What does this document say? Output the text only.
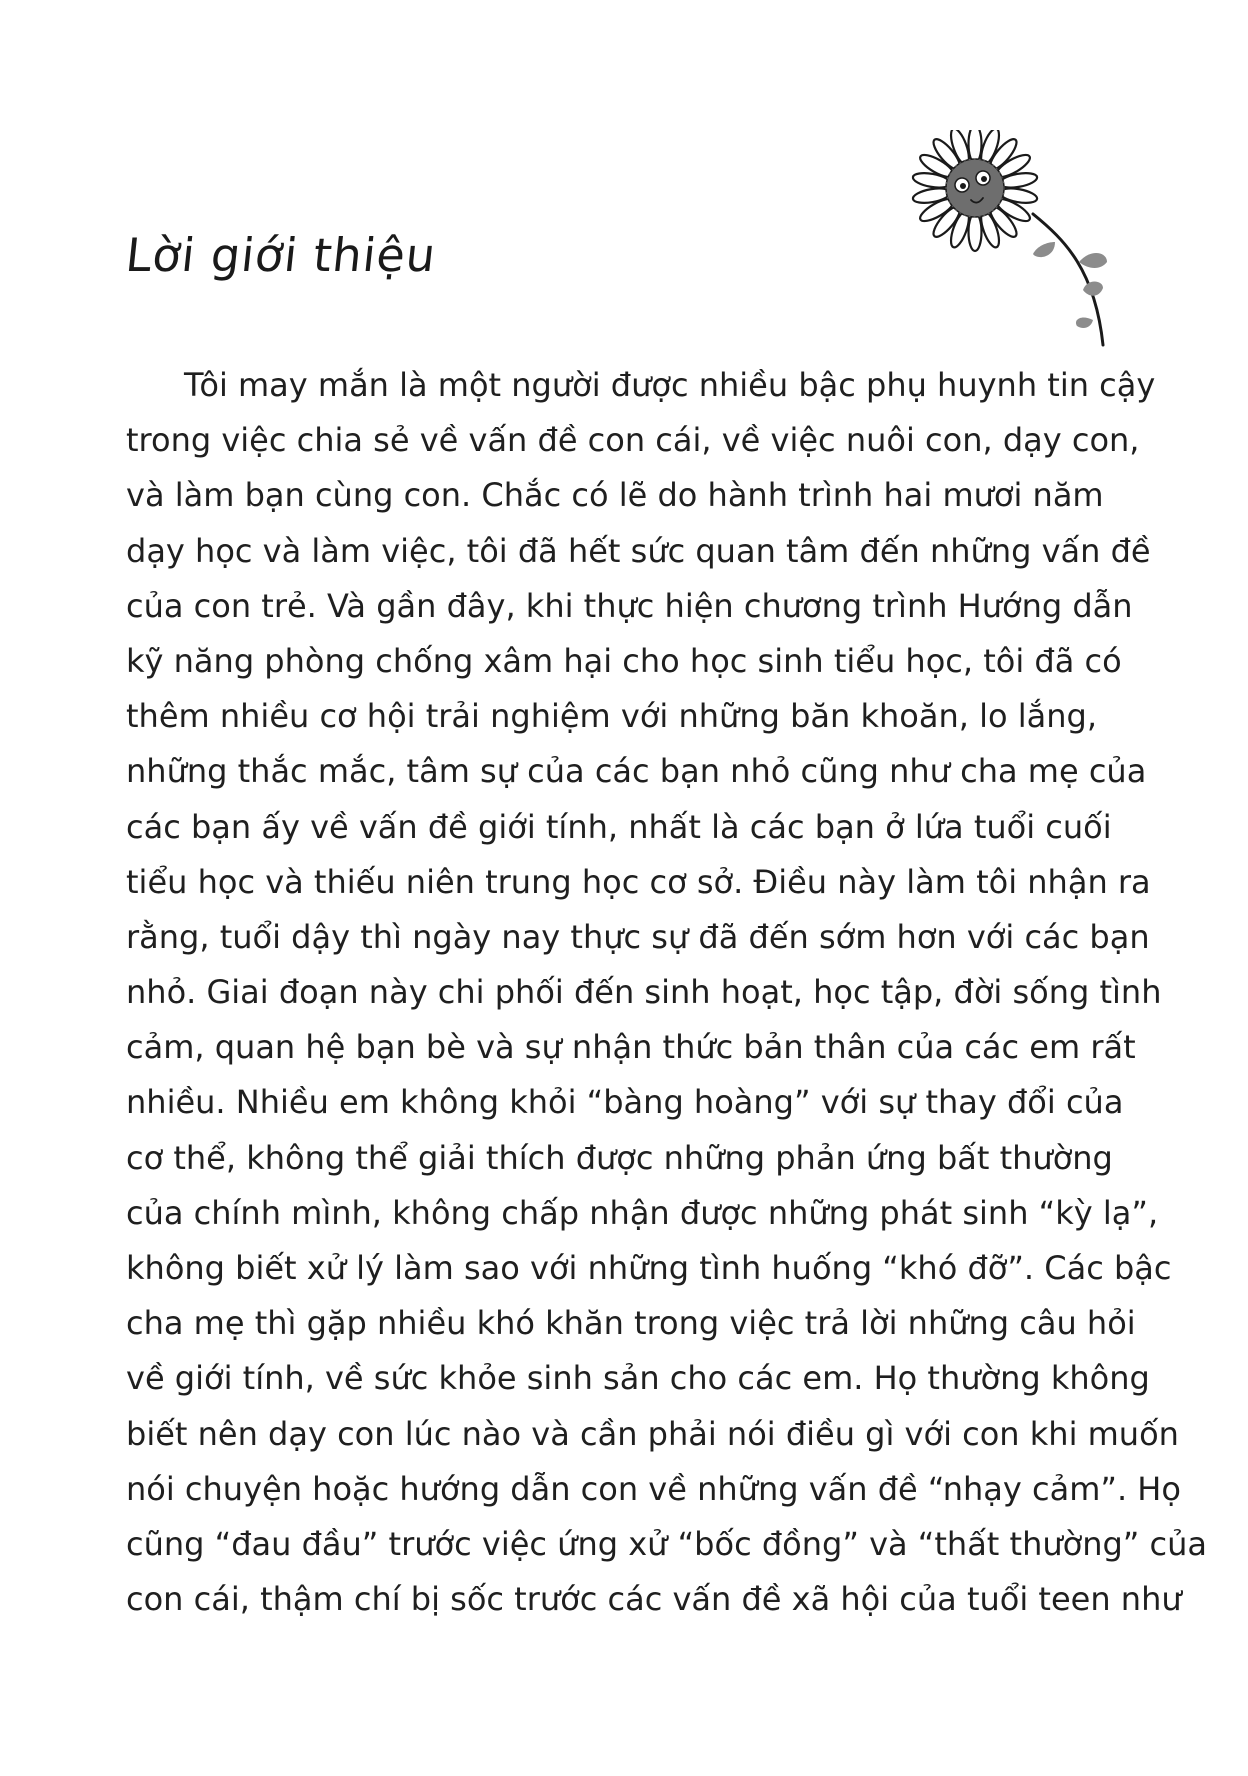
Lời giới thiệu
Tôi may mắn là một người được nhiều bậc phụ huynh tin cậy
trong việc chia sẻ về vấn đề con cái, về việc nuôi con, dạy con,
và làm bạn cùng con. Chắc có lẽ do hành trình hai mươi năm
dạy học và làm việc, tôi đã hết sức quan tâm đến những vấn đề
của con trẻ. Và gần đây, khi thực hiện chương trình Hướng dẫn
kỹ năng phòng chống xâm hại cho học sinh tiểu học, tôi đã có
thêm nhiều cơ hội trải nghiệm với những băn khoăn, lo lắng,
những thắc mắc, tâm sự của các bạn nhỏ cũng như cha mẹ của
các bạn ấy về vấn đề giới tính, nhất là các bạn ở lứa tuổi cuối
tiểu học và thiếu niên trung học cơ sở. Điều này làm tôi nhận ra
rằng, tuổi dậy thì ngày nay thực sự đã đến sớm hơn với các bạn
nhỏ. Giai đoạn này chi phối đến sinh hoạt, học tập, đời sống tình
cảm, quan hệ bạn bè và sự nhận thức bản thân của các em rất
nhiều. Nhiều em không khỏi “bàng hoàng” với sự thay đổi của
cơ thể, không thể giải thích được những phản ứng bất thường
của chính mình, không chấp nhận được những phát sinh “kỳ lạ”,
không biết xử lý làm sao với những tình huống “khó đỡ”. Các bậc
cha mẹ thì gặp nhiều khó khăn trong việc trả lời những câu hỏi
về giới tính, về sức khỏe sinh sản cho các em. Họ thường không
biết nên dạy con lúc nào và cần phải nói điều gì với con khi muốn
nói chuyện hoặc hướng dẫn con về những vấn đề “nhạy cảm”. Họ
cũng “đau đầu” trước việc ứng xử “bốc đồng” và “thất thường” của
con cái, thậm chí bị sốc trước các vấn đề xã hội của tuổi teen như
